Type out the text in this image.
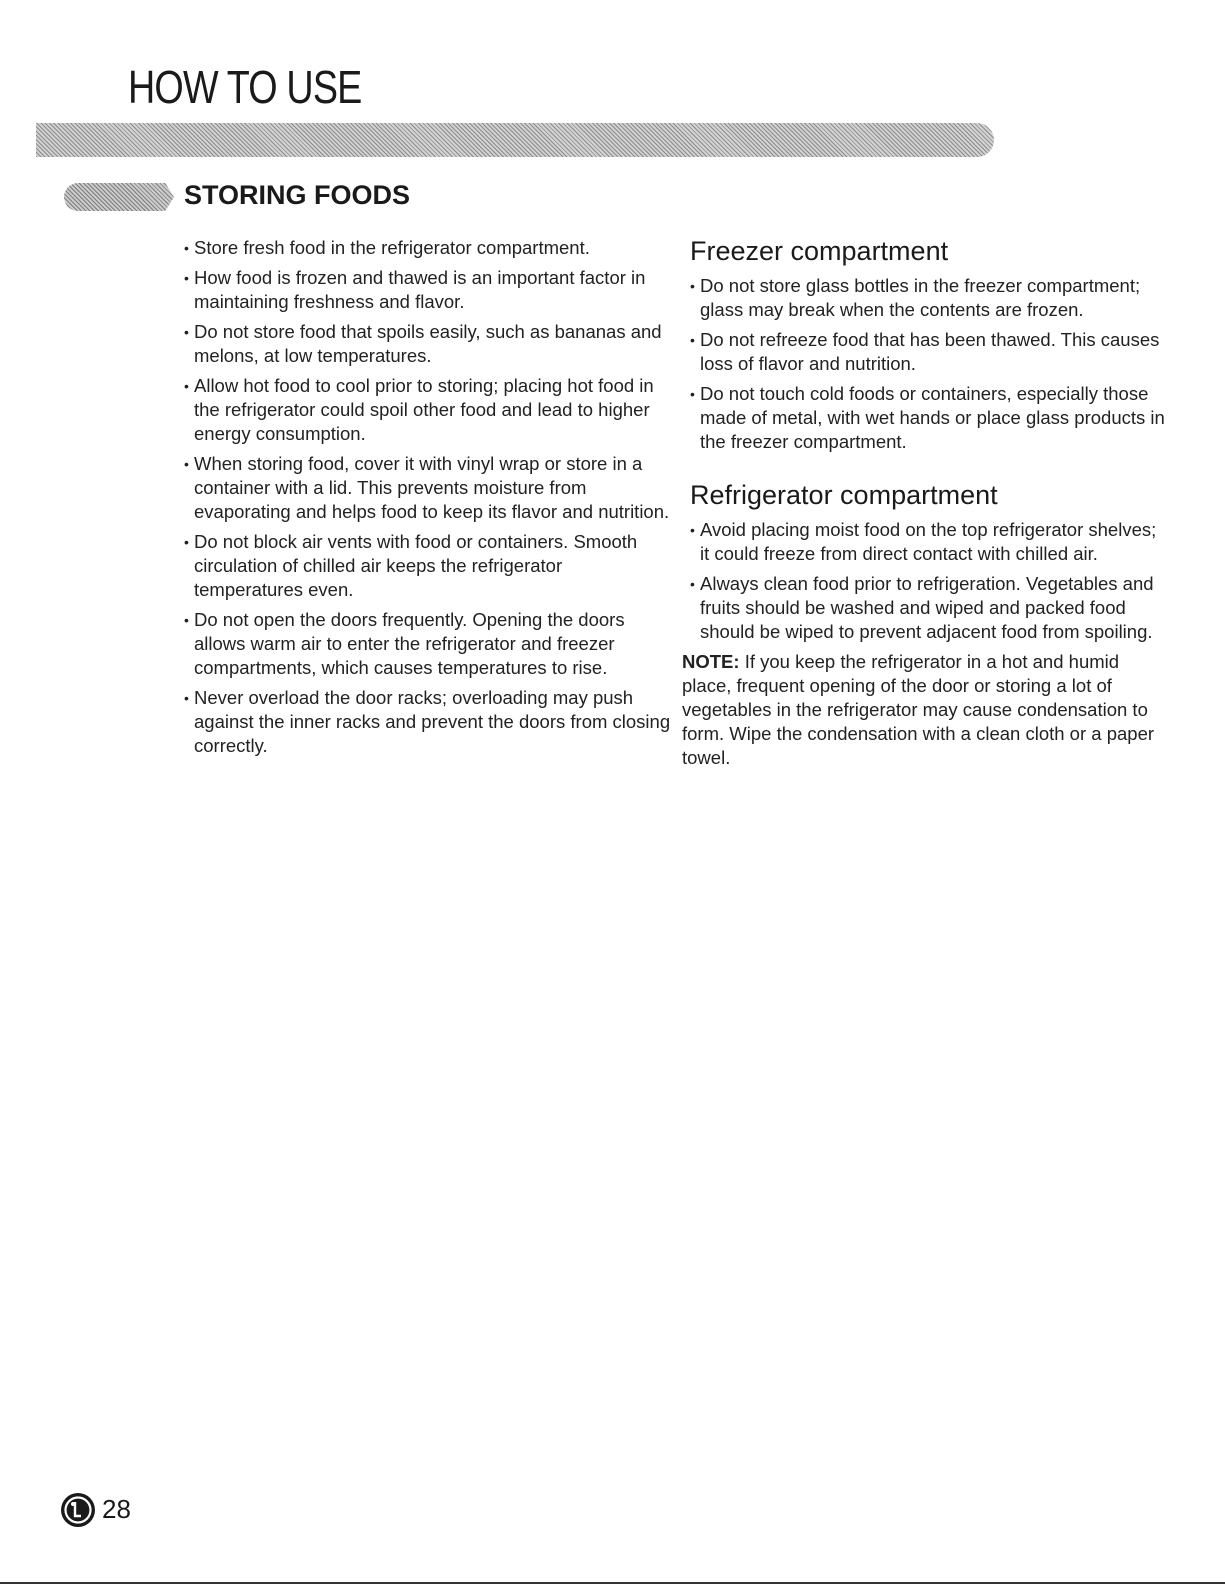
HOW TO USE
STORING FOODS
• Store fresh food in the refrigerator compartment.
• How food is frozen and thawed is an important factor in maintaining freshness and flavor.
• Do not store food that spoils easily, such as bananas and melons, at low temperatures.
• Allow hot food to cool prior to storing; placing hot food in the refrigerator could spoil other food and lead to higher energy consumption.
• When storing food, cover it with vinyl wrap or store in a container with a lid. This prevents moisture from evaporating and helps food to keep its flavor and nutrition.
• Do not block air vents with food or containers. Smooth circulation of chilled air keeps the refrigerator temperatures even.
• Do not open the doors frequently. Opening the doors allows warm air to enter the refrigerator and freezer compartments, which causes temperatures to rise.
• Never overload the door racks; overloading may push against the inner racks and prevent the doors from closing correctly.
Freezer compartment
• Do not store glass bottles in the freezer compartment; glass may break when the contents are frozen.
• Do not refreeze food that has been thawed. This causes loss of flavor and nutrition.
• Do not touch cold foods or containers, especially those made of metal, with wet hands or place glass products in the freezer compartment.
Refrigerator compartment
• Avoid placing moist food on the top refrigerator shelves; it could freeze from direct contact with chilled air.
• Always clean food prior to refrigeration. Vegetables and fruits should be washed and wiped and packed food should be wiped to prevent adjacent food from spoiling.

NOTE: If you keep the refrigerator in a hot and humid place, frequent opening of the door or storing a lot of vegetables in the refrigerator may cause condensation to form. Wipe the condensation with a clean cloth or a paper towel.

28
